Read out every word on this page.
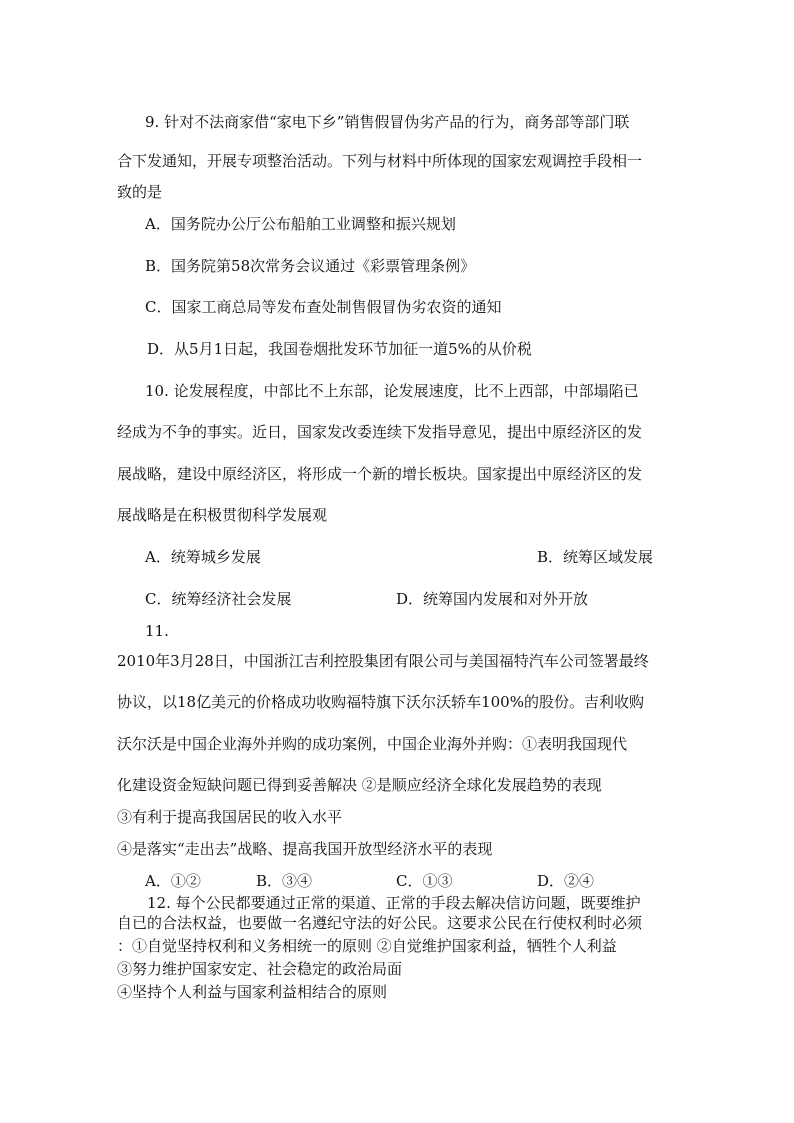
9. 针对不法商家借“家电下乡”销售假冒伪劣产品的行为，商务部等部门联
合下发通知，开展专项整治活动。下列与材料中所体现的国家宏观调控手段相一
致的是
A．国务院办公厅公布船舶工业调整和振兴规划
B．国务院第58次常务会议通过《彩票管理条例》
C．国家工商总局等发布查处制售假冒伪劣农资的通知
D．从5月1日起，我国卷烟批发环节加征一道5%的从价税
10. 论发展程度，中部比不上东部，论发展速度，比不上西部，中部塌陷已
经成为不争的事实。近日，国家发改委连续下发指导意见，提出中原经济区的发
展战略，建设中原经济区，将形成一个新的增长板块。国家提出中原经济区的发
展战略是在积极贯彻科学发展观
A．统筹城乡发展	B．统筹区域发展
C．统筹经济社会发展	D．统筹国内发展和对外开放
11.
2010年3月28日，中国浙江吉利控股集团有限公司与美国福特汽车公司签署最终
协议，以18亿美元的价格成功收购福特旗下沃尔沃轿车100%的股份。吉利收购
沃尔沃是中国企业海外并购的成功案例，中国企业海外并购：①表明我国现代
化建设资金短缺问题已得到妥善解决 ②是顺应经济全球化发展趋势的表现
③有利于提高我国居民的收入水平
④是落实“走出去”战略、提高我国开放型经济水平的表现
A．①②	B．③④	C．①③	D．②④
12. 每个公民都要通过正常的渠道、正常的手段去解决信访问题，既要维护
自已的合法权益，也要做一名遵纪守法的好公民。这要求公民在行使权利时必须
：①自觉坚持权利和义务相统一的原则 ②自觉维护国家利益，牺牲个人利益
③努力维护国家安定、社会稳定的政治局面
④坚持个人利益与国家利益相结合的原则
